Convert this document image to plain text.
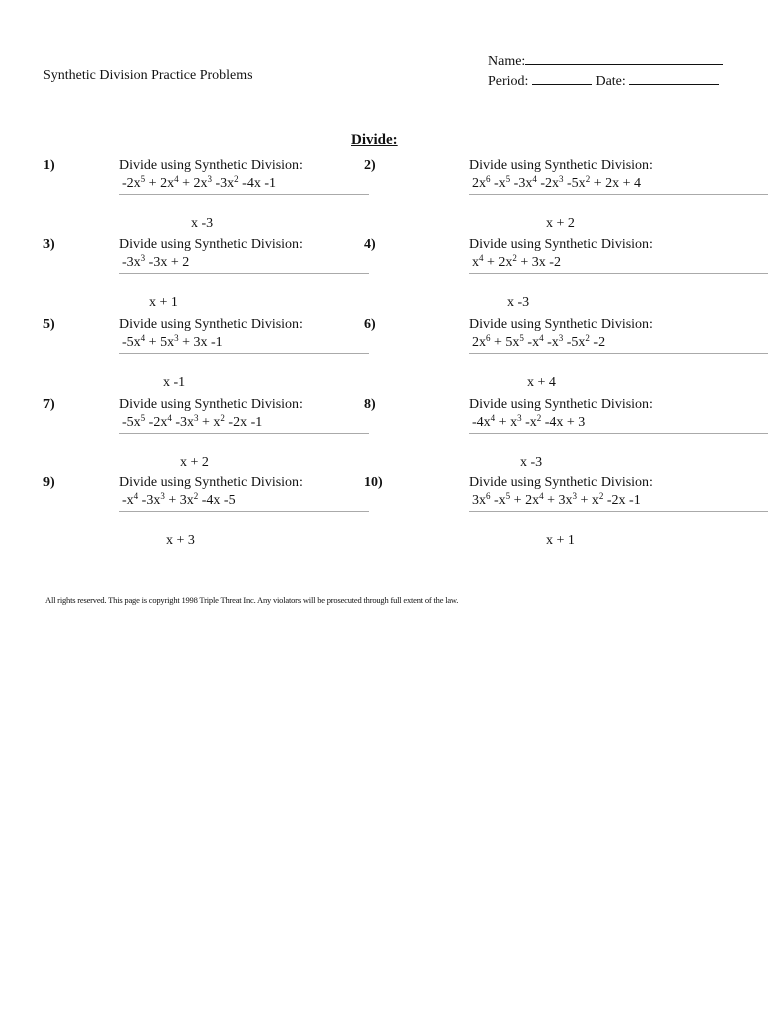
Synthetic Division Practice Problems
Name:
Period:	Date:
Divide:
1)	Divide using Synthetic Division:
$-2x^5 + 2x^4 + 2x^3$ $-3x^2$ -4x -1
x -3
2)	Divide using Synthetic Division:
$2x^6$ $-x^5$ $-3x^4$ $-2x^3$ $-5x^2 + 2x + 4$
x + 2
3)	Divide using Synthetic Division:
$-3x^3$ -3x + 2
x + 1
4)	Divide using Synthetic Division:
$x^4 + 2x^2 + 3x$ -2
x -3
5)	Divide using Synthetic Division:
$-5x^4 + 5x^3 + 3x$ -1
x -1
6)	Divide using Synthetic Division:
$2x^6 + 5x^5$ $-x^4$ $-x^3$ $-5x^2$ -2
x + 4
7)	Divide using Synthetic Division:
$-5x^5$ $-2x^4$ $-3x^3 + x^2$ -2x -1
x + 2
8)	Divide using Synthetic Division:
$-4x^4 + x^3$ $-x^2$ -4x + 3
x -3
9)	Divide using Synthetic Division:
$-x^4$ $-3x^3 + 3x^2$ -4x -5
x + 3
10)	Divide using Synthetic Division:
$3x^6$ $-x^5 + 2x^4 + 3x^3 + x^2$ -2x -1
x + 1
All rights reserved. This page is copyright 1998 Triple Threat Inc. Any violators will be prosecuted through full extent of the law.
